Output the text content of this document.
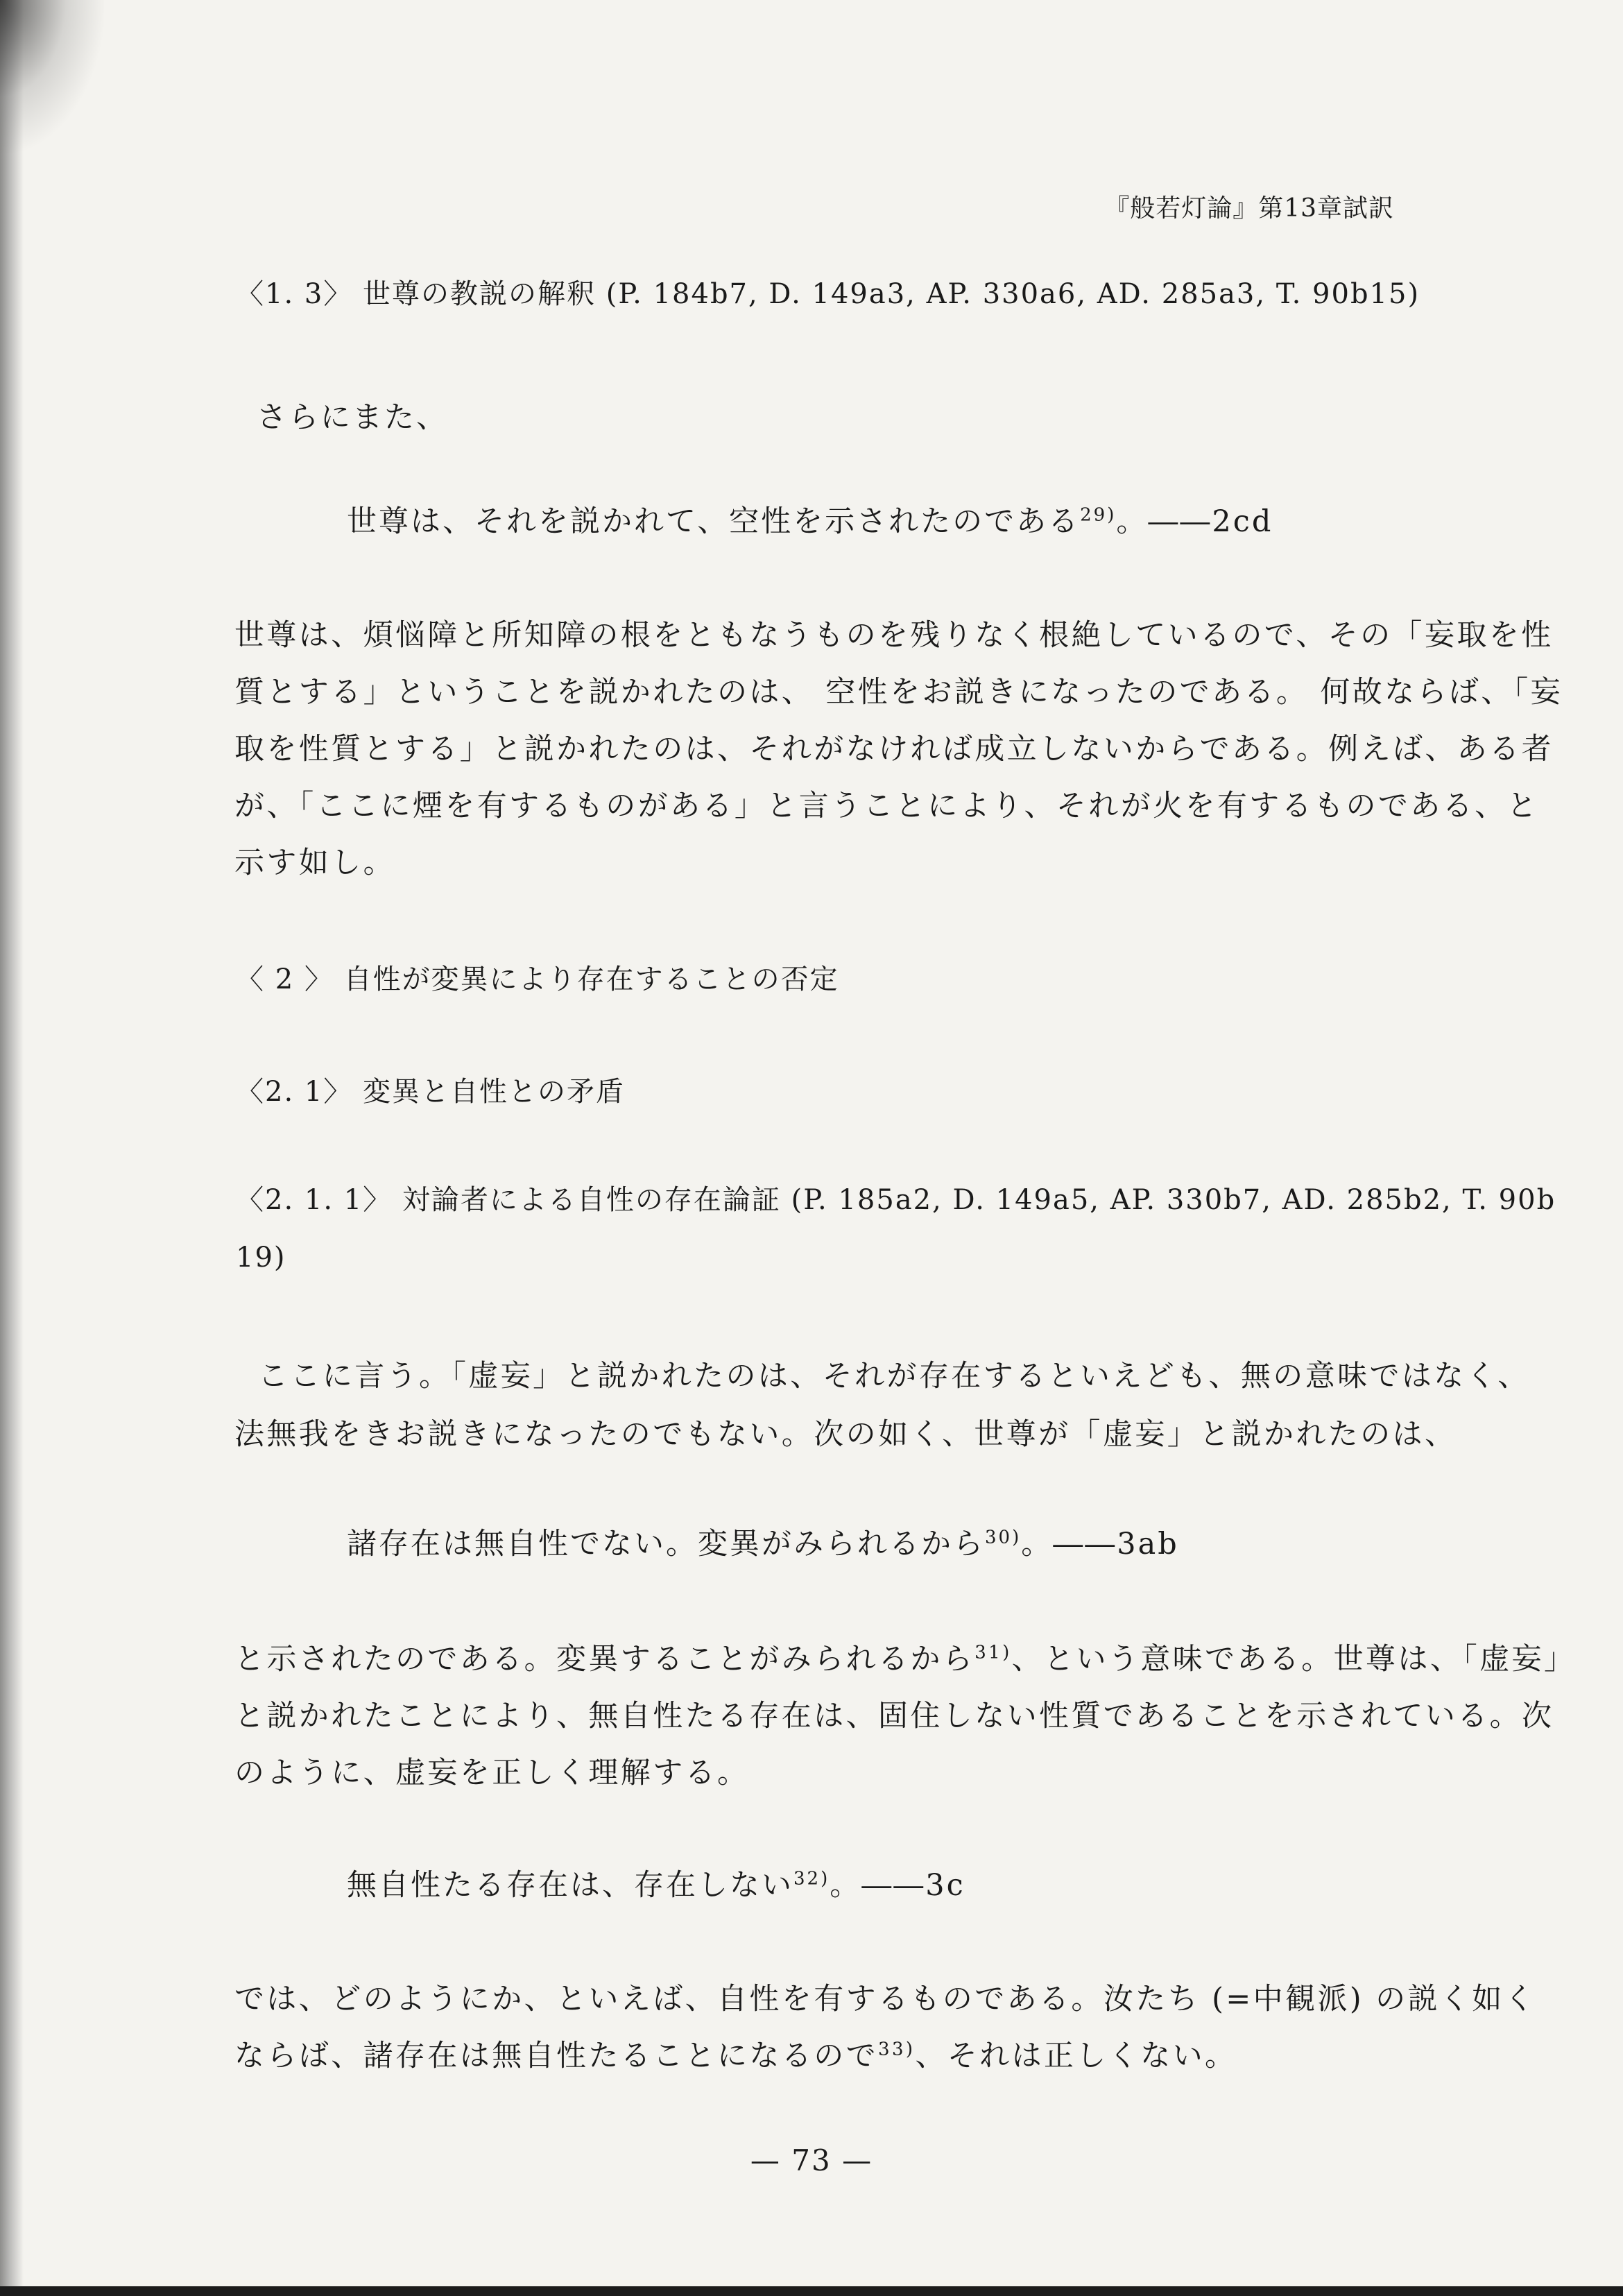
『般若灯論』第13章試訳
〈1. 3〉 世尊の教説の解釈 (P. 184b7, D. 149a3, AP. 330a6, AD. 285a3, T. 90b15)
さらにまた、
世尊は、それを説かれて、空性を示されたのである$^{29)}$。――2cd
世尊は、煩悩障と所知障の根をともなうものを残りなく根絶しているので、その「妄取を性
質とする」ということを説かれたのは、 空性をお説きになったのである。 何故ならば、「妄
取を性質とする」と説かれたのは、それがなければ成立しないからである。例えば、ある者
が、「ここに煙を有するものがある」と言うことにより、それが火を有するものである、と
示す如し。
〈 2 〉 自性が変異により存在することの否定
〈2. 1〉 変異と自性との矛盾
〈2. 1. 1〉 対論者による自性の存在論証 (P. 185a2, D. 149a5, AP. 330b7, AD. 285b2, T. 90b
19)
ここに言う。「虚妄」と説かれたのは、それが存在するといえども、無の意味ではなく、
法無我をきお説きになったのでもない。次の如く、世尊が「虚妄」と説かれたのは、
諸存在は無自性でない。変異がみられるから$^{30)}$。――3ab
と示されたのである。変異することがみられるから$^{31)}$、という意味である。世尊は、「虚妄」
と説かれたことにより、無自性たる存在は、固住しない性質であることを示されている。次
のように、虚妄を正しく理解する。
無自性たる存在は、存在しない$^{32)}$。――3c
では、どのようにか、といえば、自性を有するものである。汝たち (=中観派) の説く如く
ならば、諸存在は無自性たることになるので$^{33)}$、それは正しくない。
— 73 —
